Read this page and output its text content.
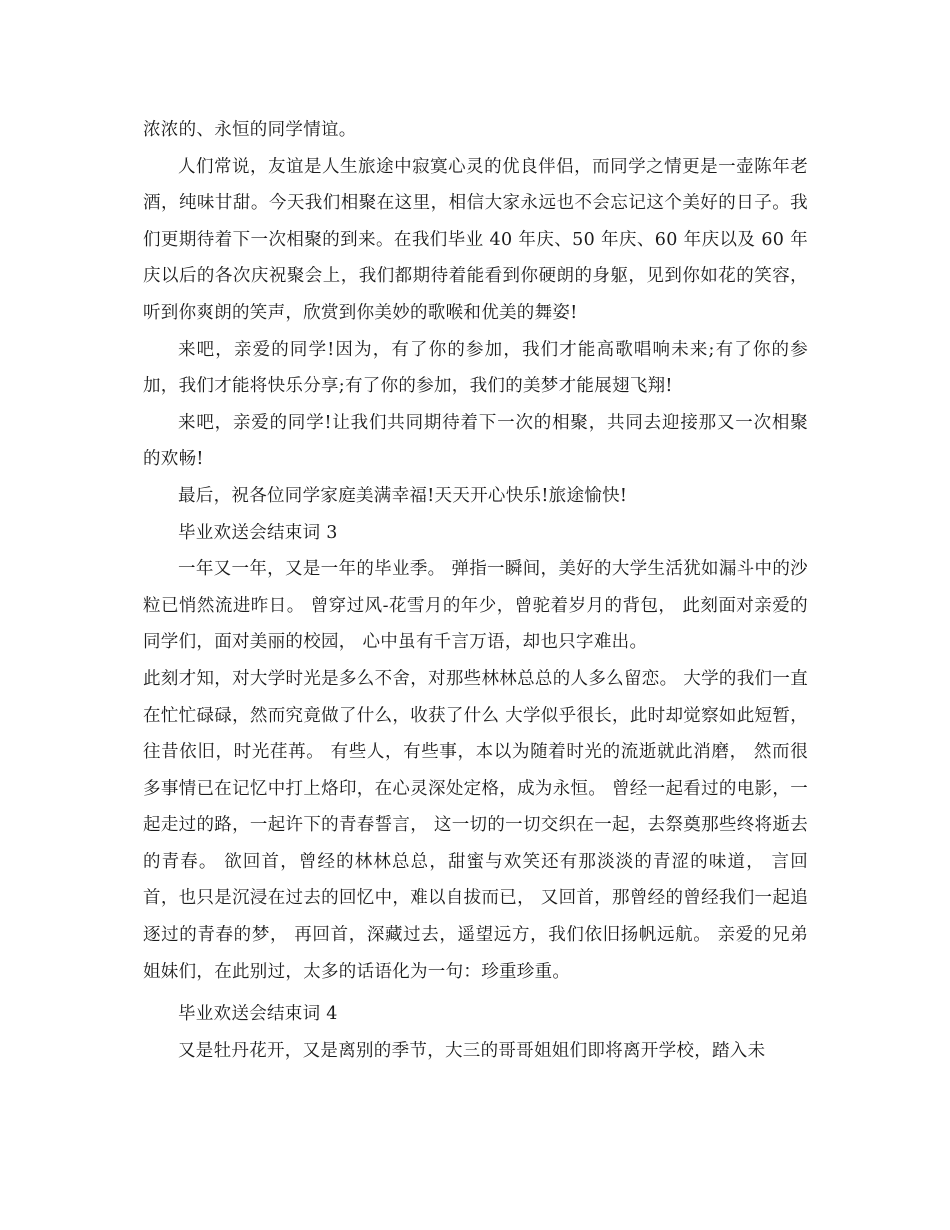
浓浓的、永恒的同学情谊。

人们常说，友谊是人生旅途中寂寞心灵的优良伴侣，而同学之情更是一壶陈年老酒，纯味甘甜。今天我们相聚在这里，相信大家永远也不会忘记这个美好的日子。我们更期待着下一次相聚的到来。在我们毕业 40 年庆、50 年庆、60 年庆以及 60 年庆以后的各次庆祝聚会上，我们都期待着能看到你硬朗的身躯，见到你如花的笑容，听到你爽朗的笑声，欣赏到你美妙的歌喉和优美的舞姿!

来吧，亲爱的同学!因为，有了你的参加，我们才能高歌唱响未来;有了你的参加，我们才能将快乐分享;有了你的参加，我们的美梦才能展翅飞翔!

来吧，亲爱的同学!让我们共同期待着下一次的相聚，共同去迎接那又一次相聚的欢畅!

最后，祝各位同学家庭美满幸福!天天开心快乐!旅途愉快!

毕业欢送会结束词 3

一年又一年，又是一年的毕业季。 弹指一瞬间，美好的大学生活犹如漏斗中的沙粒已悄然流进昨日。 曾穿过风-花雪月的年少，曾驼着岁月的背包， 此刻面对亲爱的同学们，面对美丽的校园， 心中虽有千言万语，却也只字难出。

此刻才知，对大学时光是多么不舍，对那些林林总总的人多么留恋。 大学的我们一直在忙忙碌碌，然而究竟做了什么，收获了什么 大学似乎很长，此时却觉察如此短暂，往昔依旧，时光荏苒。 有些人，有些事，本以为随着时光的流逝就此消磨， 然而很多事情已在记忆中打上烙印，在心灵深处定格，成为永恒。 曾经一起看过的电影，一起走过的路，一起许下的青春誓言， 这一切的一切交织在一起，去祭奠那些终将逝去的青春。 欲回首，曾经的林林总总，甜蜜与欢笑还有那淡淡的青涩的味道， 言回首，也只是沉浸在过去的回忆中，难以自拔而已， 又回首，那曾经的曾经我们一起追逐过的青春的梦， 再回首，深藏过去，遥望远方，我们依旧扬帆远航。 亲爱的兄弟姐妹们，在此别过，太多的话语化为一句：珍重珍重。

毕业欢送会结束词 4

又是牡丹花开，又是离别的季节，大三的哥哥姐姐们即将离开学校，踏入未
